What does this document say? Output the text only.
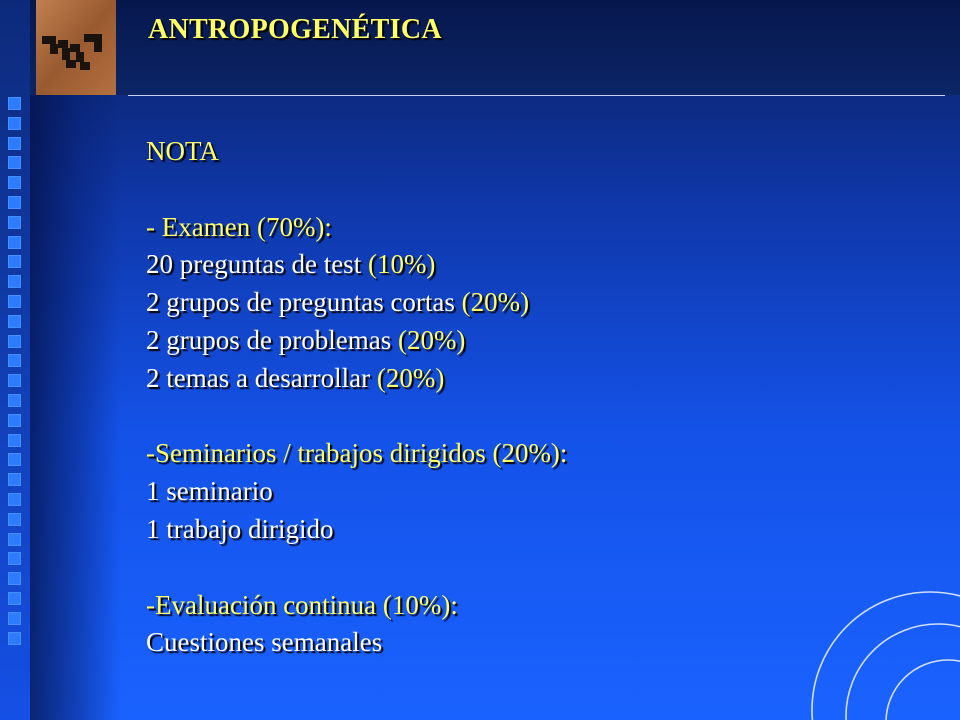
ANTROPOGENÉTICA
NOTA
- Examen (70%):
20 preguntas de test (10%)
2 grupos de preguntas cortas (20%)
2 grupos de problemas (20%)
2 temas a desarrollar (20%)
-Seminarios / trabajos dirigidos (20%):
1 seminario
1 trabajo dirigido
-Evaluación continua (10%):
Cuestiones semanales
